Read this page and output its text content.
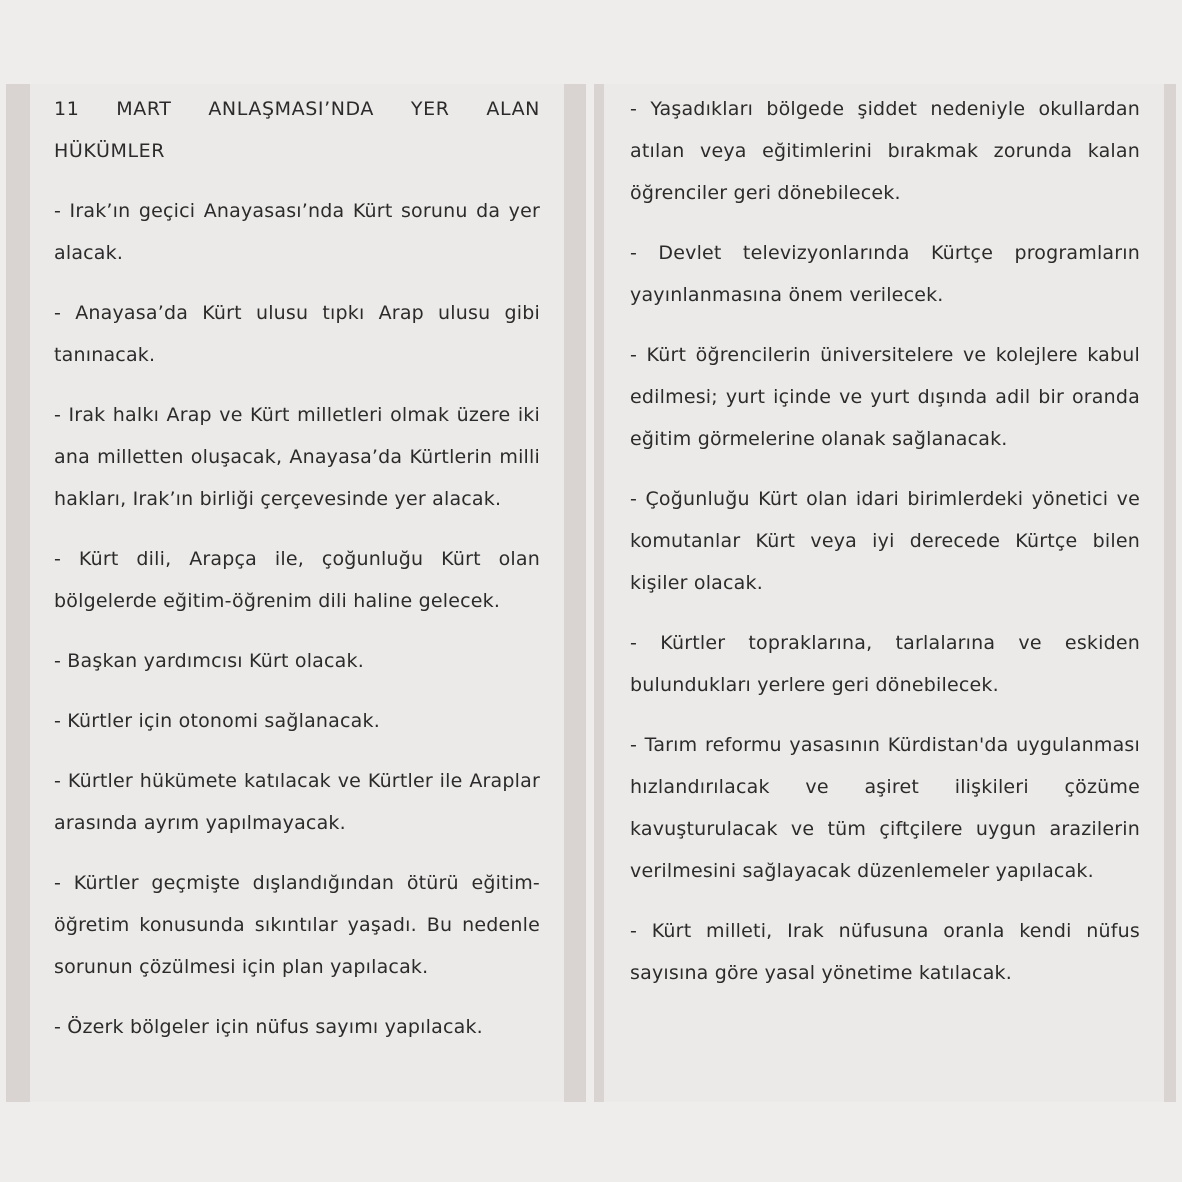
11 MART ANLAŞMASI’NDA YER ALAN HÜKÜMLER
- Irak’ın geçici Anayasası’nda Kürt sorunu da yer alacak.
- Anayasa’da Kürt ulusu tıpkı Arap ulusu gibi tanınacak.
- Irak halkı Arap ve Kürt milletleri olmak üzere iki ana milletten oluşacak, Anayasa’da Kürtlerin milli hakları, Irak’ın birliği çerçevesinde yer alacak.
- Kürt dili, Arapça ile, çoğunluğu Kürt olan bölgelerde eğitim-öğrenim dili haline gelecek.
- Başkan yardımcısı Kürt olacak.
- Kürtler için otonomi sağlanacak.
- Kürtler hükümete katılacak ve Kürtler ile Araplar arasında ayrım yapılmayacak.
- Kürtler geçmişte dışlandığından ötürü eğitim-öğretim konusunda sıkıntılar yaşadı. Bu nedenle sorunun çözülmesi için plan yapılacak.
- Özerk bölgeler için nüfus sayımı yapılacak.
- Yaşadıkları bölgede şiddet nedeniyle okullardan atılan veya eğitimlerini bırakmak zorunda kalan öğrenciler geri dönebilecek.
- Devlet televizyonlarında Kürtçe programların yayınlanmasına önem verilecek.
- Kürt öğrencilerin üniversitelere ve kolejlere kabul edilmesi; yurt içinde ve yurt dışında adil bir oranda eğitim görmelerine olanak sağlanacak.
- Çoğunluğu Kürt olan idari birimlerdeki yönetici ve komutanlar Kürt veya iyi derecede Kürtçe bilen kişiler olacak.
- Kürtler topraklarına, tarlalarına ve eskiden bulundukları yerlere geri dönebilecek.
- Tarım reformu yasasının Kürdistan'da uygulanması hızlandırılacak ve aşiret ilişkileri çözüme kavuşturulacak ve tüm çiftçilere uygun arazilerin verilmesini sağlayacak düzenlemeler yapılacak.
- Kürt milleti, Irak nüfusuna oranla kendi nüfus sayısına göre yasal yönetime katılacak.
